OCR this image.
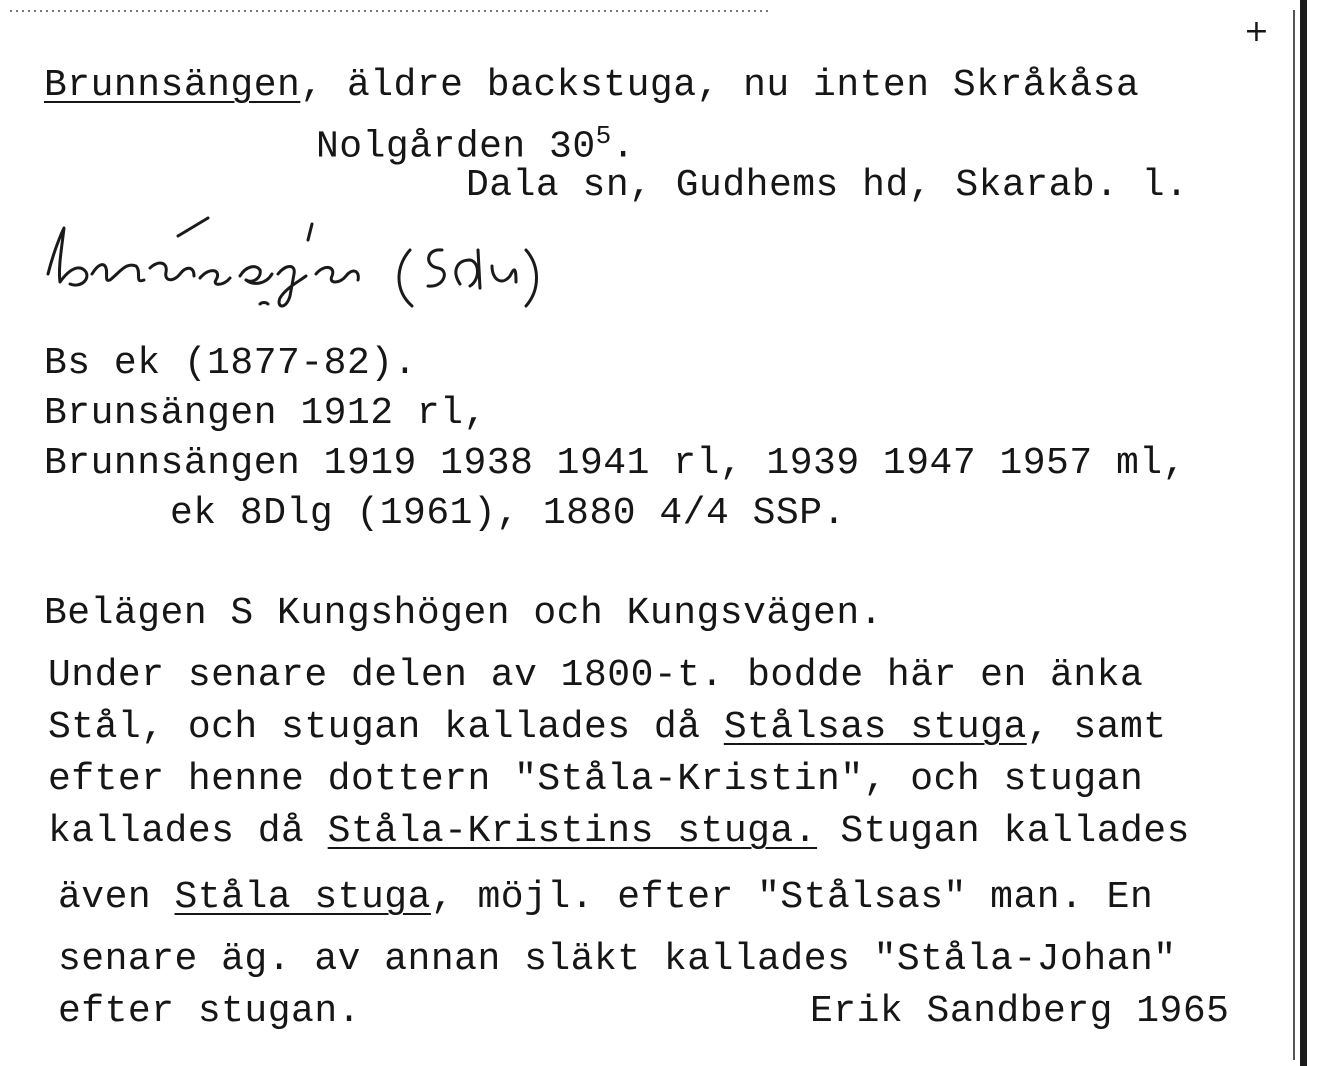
+
Brunnsängen, äldre backstuga, nu inten Skråkåsa
Nolgården $30^5$.
Dala sn, Gudhems hd, Skarab. l.
Bs ek (1877-82).
Brunsängen 1912 rl,
Brunnsängen 1919 1938 1941 rl, 1939 1947 1957 ml,
ek 8Dlg (1961), 1880 4/4 SSP.
Belägen S Kungshögen och Kungsvägen.
Under senare delen av 1800-t. bodde här en änka
Stål, och stugan kallades då Stålsas stuga, samt
efter henne dottern "Ståla-Kristin", och stugan
kallades då Ståla-Kristins stuga. Stugan kallades
även Ståla stuga, möjl. efter "Stålsas" man. En
senare äg. av annan släkt kallades "Ståla-Johan"
efter stugan.	Erik Sandberg 1965
